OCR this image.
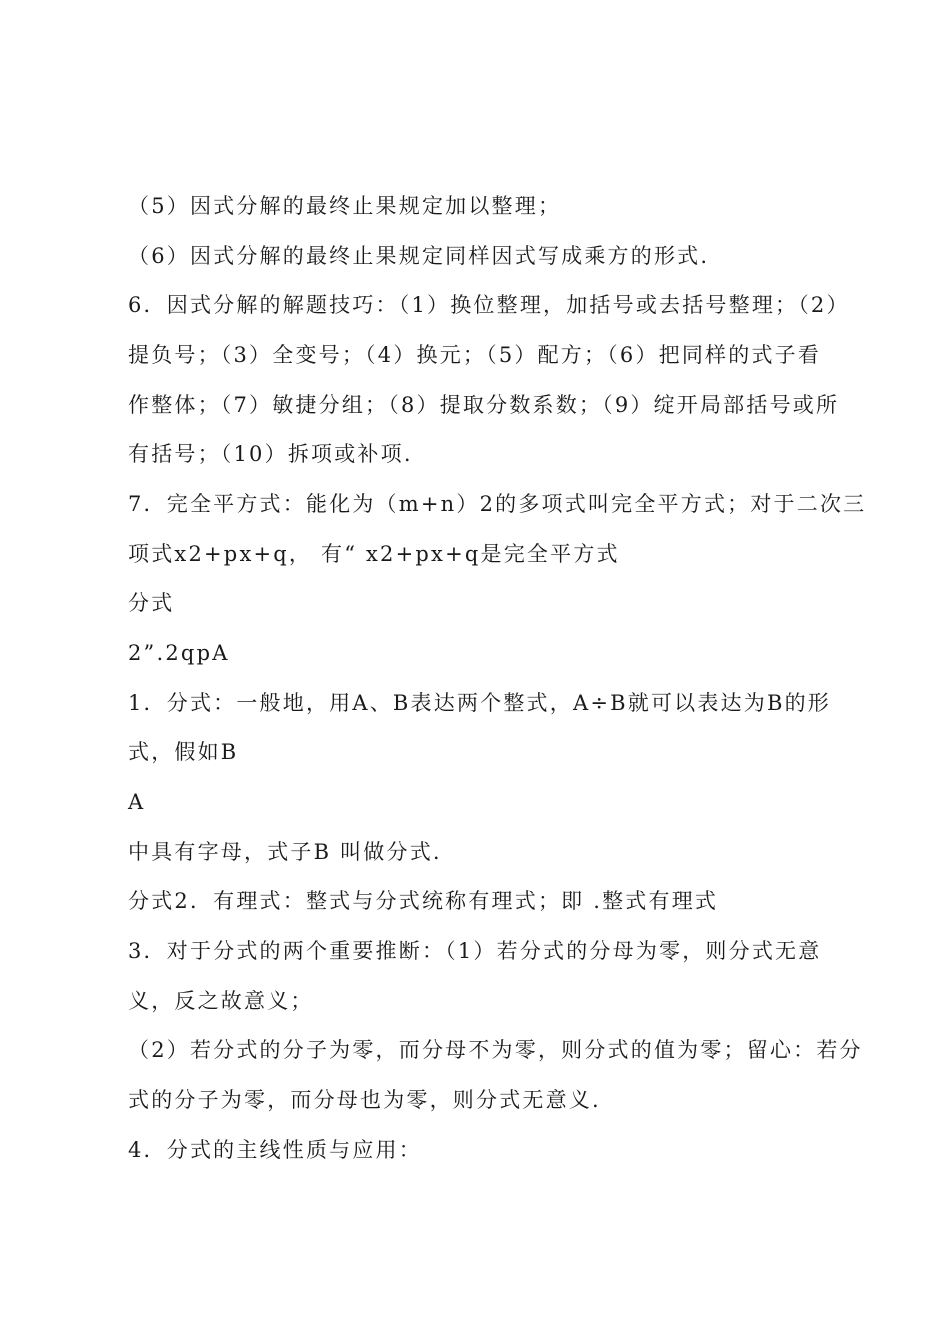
（5）因式分解的最终止果规定加以整理；
（6）因式分解的最终止果规定同样因式写成乘方的形式.
6．因式分解的解题技巧：（1）换位整理，加括号或去括号整理；（2）
提负号；（3）全变号；（4）换元；（5）配方；（6）把同样的式子看
作整体；（7）敏捷分组；（8）提取分数系数；（9）绽开局部括号或所
有括号；（10）拆项或补项.
7．完全平方式：能化为（m+n）2的多项式叫完全平方式；对于二次三
项式x2+px+q， 有“ x2+px+q是完全平方式
分式
2”.2qpA
1．分式：一般地，用A、B表达两个整式，A÷B就可以表达为B的形
式，假如B
A
中具有字母，式子B 叫做分式.
分式2．有理式：整式与分式统称有理式；即 .整式有理式
3．对于分式的两个重要推断：（1）若分式的分母为零，则分式无意
义，反之故意义；
（2）若分式的分子为零，而分母不为零，则分式的值为零；留心：若分
式的分子为零，而分母也为零，则分式无意义.
4．分式的主线性质与应用：
